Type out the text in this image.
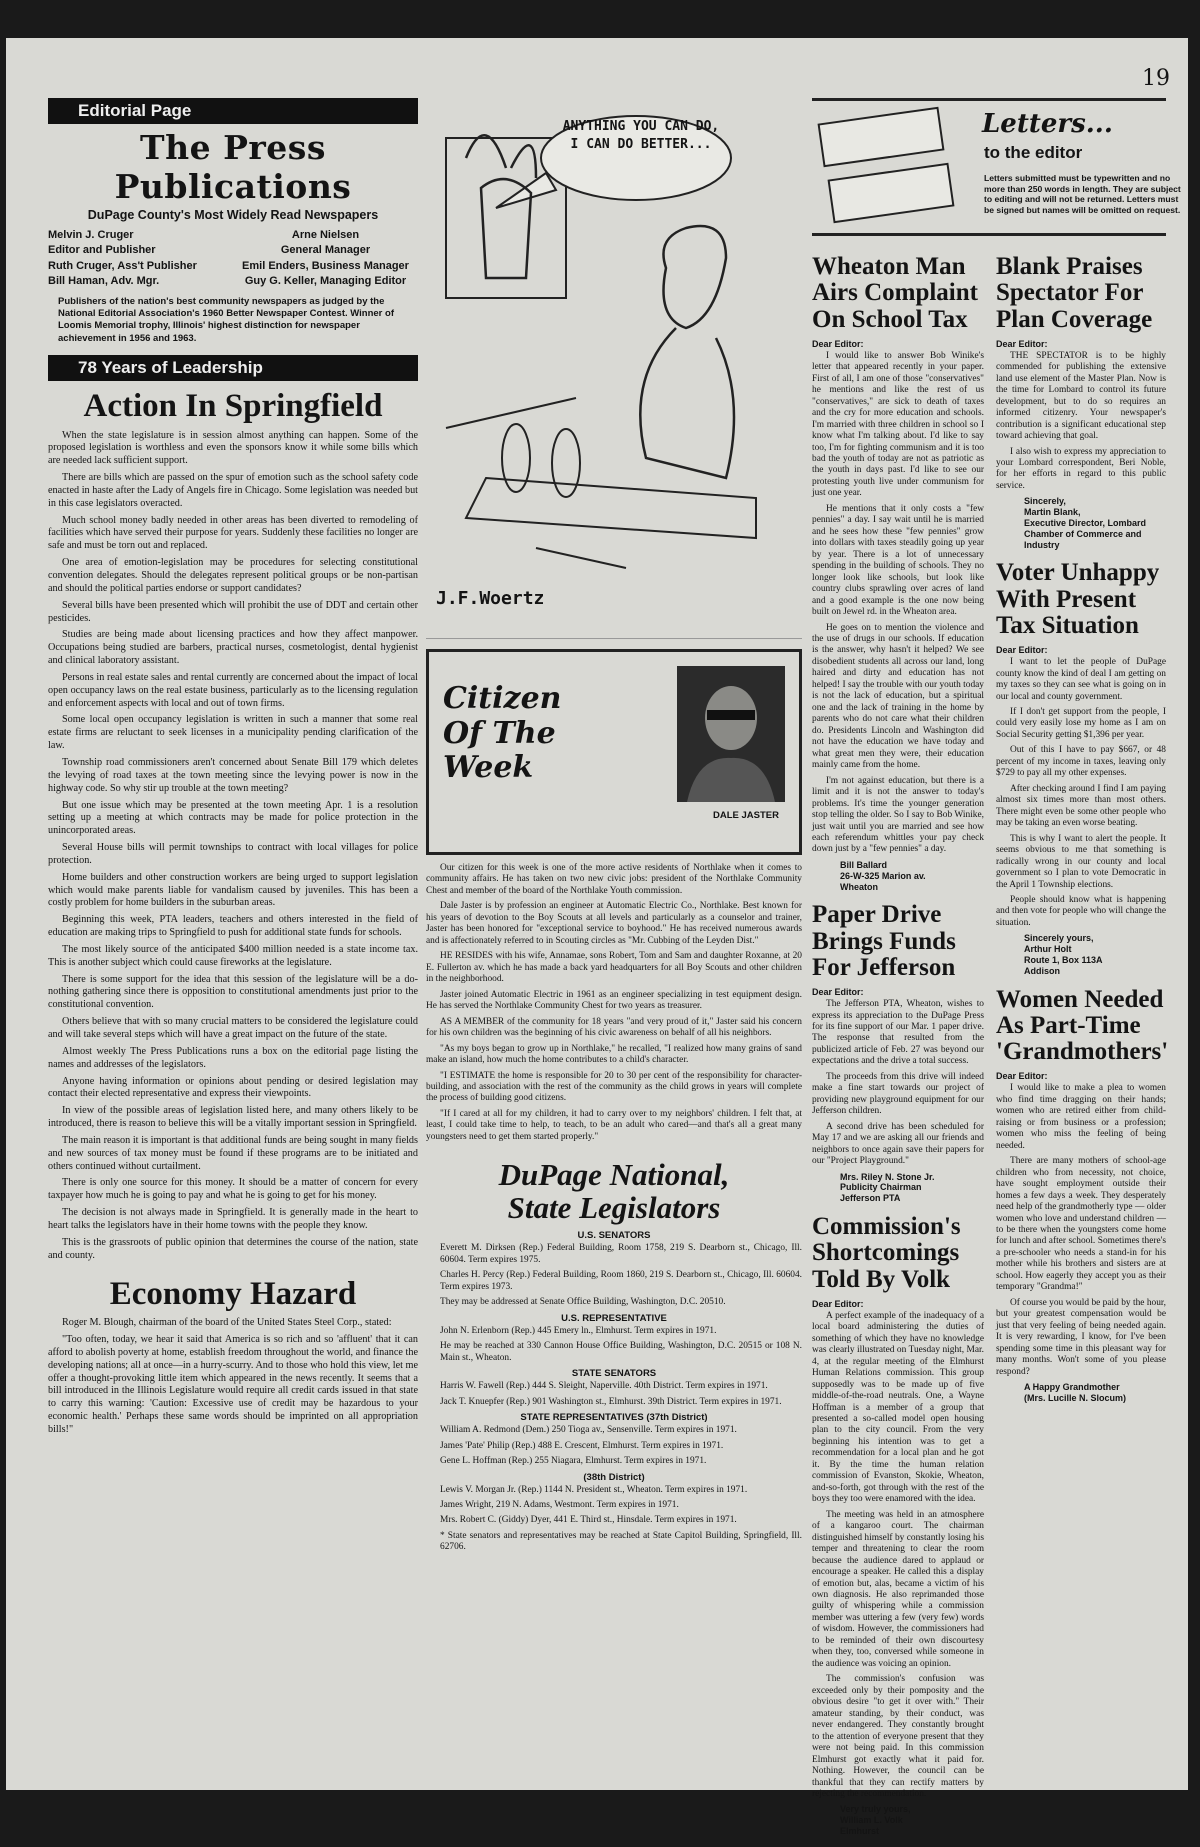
19
Editorial Page
The Press Publications
DuPage County's Most Widely Read Newspapers
Melvin J. Cruger
Editor and Publisher
Ruth Cruger, Ass't Publisher
Bill Haman, Adv. Mgr.
Arne Nielsen
General Manager
Emil Enders, Business Manager
Guy G. Keller, Managing Editor
Publishers of the nation's best community newspapers as judged by the National Editorial Association's 1960 Better Newspaper Contest. Winner of Loomis Memorial trophy, Illinois' highest distinction for newspaper achievement in 1956 and 1963.
78 Years of Leadership
Action In Springfield

When the state legislature is in session almost anything can happen. Some of the proposed legislation is worthless and even the sponsors know it while some bills which are needed lack sufficient support.

There are bills which are passed on the spur of emotion such as the school safety code enacted in haste after the Lady of Angels fire in Chicago. Some legislation was needed but in this case legislators overacted.

Much school money badly needed in other areas has been diverted to remodeling of facilities which have served their purpose for years. Suddenly these facilities no longer are safe and must be torn out and replaced.

One area of emotion-legislation may be procedures for selecting constitutional convention delegates. Should the delegates represent political groups or be non-partisan and should the political parties endorse or support candidates?

Several bills have been presented which will prohibit the use of DDT and certain other pesticides.

Studies are being made about licensing practices and how they affect manpower. Occupations being studied are barbers, practical nurses, cosmetologist, dental hygienist and clinical laboratory assistant.

Persons in real estate sales and rental currently are concerned about the impact of local open occupancy laws on the real estate business, particularly as to the licensing regulation and enforcement aspects with local and out of town firms.

Some local open occupancy legislation is written in such a manner that some real estate firms are reluctant to seek licenses in a municipality pending clarification of the law.

Township road commissioners aren't concerned about Senate Bill 179 which deletes the levying of road taxes at the town meeting since the levying power is now in the highway code. So why stir up trouble at the town meeting?

But one issue which may be presented at the town meeting Apr. 1 is a resolution setting up a meeting at which contracts may be made for police protection in the unincorporated areas.

Several House bills will permit townships to contract with local villages for police protection.

Home builders and other construction workers are being urged to support legislation which would make parents liable for vandalism caused by juveniles. This has been a costly problem for home builders in the suburban areas.

Beginning this week, PTA leaders, teachers and others interested in the field of education are making trips to Springfield to push for additional state funds for schools.

The most likely source of the anticipated $400 million needed is a state income tax. This is another subject which could cause fireworks at the legislature.

There is some support for the idea that this session of the legislature will be a do-nothing gathering since there is opposition to constitutional amendments just prior to the constitutional convention.

Others believe that with so many crucial matters to be considered the legislature could and will take several steps which will have a great impact on the future of the state.

Almost weekly The Press Publications runs a box on the editorial page listing the names and addresses of the legislators.

Anyone having information or opinions about pending or desired legislation may contact their elected representative and express their viewpoints.

In view of the possible areas of legislation listed here, and many others likely to be introduced, there is reason to believe this will be a vitally important session in Springfield.

The main reason it is important is that additional funds are being sought in many fields and new sources of tax money must be found if these programs are to be initiated and others continued without curtailment.

There is only one source for this money. It should be a matter of concern for every taxpayer how much he is going to pay and what he is going to get for his money.

The decision is not always made in Springfield. It is generally made in the heart to heart talks the legislators have in their home towns with the people they know.

This is the grassroots of public opinion that determines the course of the nation, state and county.

Economy Hazard

Roger M. Blough, chairman of the board of the United States Steel Corp., stated:

"Too often, today, we hear it said that America is so rich and so 'affluent' that it can afford to abolish poverty at home, establish freedom throughout the world, and finance the developing nations; all at once—in a hurry-scurry. And to those who hold this view, let me offer a thought-provoking little item which appeared in the news recently. It seems that a bill introduced in the Illinois Legislature would require all credit cards issued in that state to carry this warning: 'Caution: Excessive use of credit may be hazardous to your economic health.' Perhaps these same words should be imprinted on all appropriation bills!"

ANYTHING YOU CAN DO, I CAN DO BETTER...
J.F.Woertz
Citizen
Of The
Week
DALE JASTER

Our citizen for this week is one of the more active residents of Northlake when it comes to community affairs. He has taken on two new civic jobs: president of the Northlake Community Chest and member of the board of the Northlake Youth commission.

Dale Jaster is by profession an engineer at Automatic Electric Co., Northlake. Best known for his years of devotion to the Boy Scouts at all levels and particularly as a counselor and trainer, Jaster has been honored for "exceptional service to boyhood." He has received numerous awards and is affectionately referred to in Scouting circles as "Mr. Cubbing of the Leyden Dist."

HE RESIDES with his wife, Annamae, sons Robert, Tom and Sam and daughter Roxanne, at 20 E. Fullerton av. which he has made a back yard headquarters for all Boy Scouts and other children in the neighborhood.

Jaster joined Automatic Electric in 1961 as an engineer specializing in test equipment design. He has served the Northlake Community Chest for two years as treasurer.

AS A MEMBER of the community for 18 years "and very proud of it," Jaster said his concern for his own children was the beginning of his civic awareness on behalf of all his neighbors.

"As my boys began to grow up in Northlake," he recalled, "I realized how many grains of sand make an island, how much the home contributes to a child's character.

"I ESTIMATE the home is responsible for 20 to 30 per cent of the responsibility for character-building, and association with the rest of the community as the child grows in years will complete the process of building good citizens.

"If I cared at all for my children, it had to carry over to my neighbors' children. I felt that, at least, I could take time to help, to teach, to be an adult who cared—and that's all a great many youngsters need to get them started properly."

DuPage National,
State Legislators
U.S. SENATORS

Everett M. Dirksen (Rep.) Federal Building, Room 1758, 219 S. Dearborn st., Chicago, Ill. 60604. Term expires 1975.

Charles H. Percy (Rep.) Federal Building, Room 1860, 219 S. Dearborn st., Chicago, Ill. 60604. Term expires 1973.

They may be addressed at Senate Office Building, Washington, D.C. 20510.

U.S. REPRESENTATIVE

John N. Erlenborn (Rep.) 445 Emery ln., Elmhurst. Term expires in 1971.

He may be reached at 330 Cannon House Office Building, Washington, D.C. 20515 or 108 N. Main st., Wheaton.

STATE SENATORS

Harris W. Fawell (Rep.) 444 S. Sleight, Naperville. 40th District. Term expires in 1971.

Jack T. Knuepfer (Rep.) 901 Washington st., Elmhurst. 39th District. Term expires in 1971.

STATE REPRESENTATIVES (37th District)

William A. Redmond (Dem.) 250 Tioga av., Sensenville. Term expires in 1971.

James 'Pate' Philip (Rep.) 488 E. Crescent, Elmhurst. Term expires in 1971.

Gene L. Hoffman (Rep.) 255 Niagara, Elmhurst. Term expires in 1971.

(38th District)

Lewis V. Morgan Jr. (Rep.) 1144 N. President st., Wheaton. Term expires in 1971.

James Wright, 219 N. Adams, Westmont. Term expires in 1971.

Mrs. Robert C. (Giddy) Dyer, 441 E. Third st., Hinsdale. Term expires in 1971.

* State senators and representatives may be reached at State Capitol Building, Springfield, Ill. 62706.

Letters...
to the editor
Letters submitted must be typewritten and no more than 250 words in length. They are subject to editing and will not be returned. Letters must be signed but names will be omitted on request.
Wheaton Man Airs Complaint On School Tax
Dear Editor:

I would like to answer Bob Winike's letter that appeared recently in your paper. First of all, I am one of those "conservatives" he mentions and like the rest of us "conservatives," are sick to death of taxes and the cry for more education and schools. I'm married with three children in school so I know what I'm talking about. I'd like to say too, I'm for fighting communism and it is too bad the youth of today are not as patriotic as the youth in days past. I'd like to see our protesting youth live under communism for just one year.

He mentions that it only costs a "few pennies" a day. I say wait until he is married and he sees how these "few pennies" grow into dollars with taxes steadily going up year by year. There is a lot of unnecessary spending in the building of schools. They no longer look like schools, but look like country clubs sprawling over acres of land and a good example is the one now being built on Jewel rd. in the Wheaton area.

He goes on to mention the violence and the use of drugs in our schools. If education is the answer, why hasn't it helped? We see disobedient students all across our land, long haired and dirty and education has not helped! I say the trouble with our youth today is not the lack of education, but a spiritual one and the lack of training in the home by parents who do not care what their children do. Presidents Lincoln and Washington did not have the education we have today and what great men they were, their education mainly came from the home.

I'm not against education, but there is a limit and it is not the answer to today's problems. It's time the younger generation stop telling the older. So I say to Bob Winike, just wait until you are married and see how each referendum whittles your pay check down just by a "few pennies" a day.

Bill Ballard
26-W-325 Marion av.
Wheaton
Paper Drive Brings Funds For Jefferson
Dear Editor:

The Jefferson PTA, Wheaton, wishes to express its appreciation to the DuPage Press for its fine support of our Mar. 1 paper drive. The response that resulted from the publicized article of Feb. 27 was beyond our expectations and the drive a total success.

The proceeds from this drive will indeed make a fine start towards our project of providing new playground equipment for our Jefferson children.

A second drive has been scheduled for May 17 and we are asking all our friends and neighbors to once again save their papers for our "Project Playground."

Mrs. Riley N. Stone Jr.
Publicity Chairman
Jefferson PTA
Commission's Shortcomings Told By Volk
Dear Editor:

A perfect example of the inadequacy of a local board administering the duties of something of which they have no knowledge was clearly illustrated on Tuesday night, Mar. 4, at the regular meeting of the Elmhurst Human Relations commission. This group supposedly was to be made up of five middle-of-the-road neutrals. One, a Wayne Hoffman is a member of a group that presented a so-called model open housing plan to the city council. From the very beginning his intention was to get a recommendation for a local plan and he got it. By the time the human relation commission of Evanston, Skokie, Wheaton, and-so-forth, got through with the rest of the boys they too were enamored with the idea.

The meeting was held in an atmosphere of a kangaroo court. The chairman distinguished himself by constantly losing his temper and threatening to clear the room because the audience dared to applaud or encourage a speaker. He called this a display of emotion but, alas, became a victim of his own diagnosis. He also reprimanded those guilty of whispering while a commission member was uttering a few (very few) words of wisdom. However, the commissioners had to be reminded of their own discourtesy when they, too, conversed while someone in the audience was voicing an opinion.

The commission's confusion was exceeded only by their pomposity and the obvious desire "to get it over with." Their amateur standing, by their conduct, was never endangered. They constantly brought to the attention of everyone present that they were not being paid. In this commission Elmhurst got exactly what it paid for. Nothing. However, the council can be thankful that they can rectify matters by rejecting the recommendation.

Very truly yours,
William L. Volk
Elmhurst
Blank Praises Spectator For Plan Coverage
Dear Editor:

THE SPECTATOR is to be highly commended for publishing the extensive land use element of the Master Plan. Now is the time for Lombard to control its future development, but to do so requires an informed citizenry. Your newspaper's contribution is a significant educational step toward achieving that goal.

I also wish to express my appreciation to your Lombard correspondent, Beri Noble, for her efforts in regard to this public service.

Sincerely,
Martin Blank,
Executive Director, Lombard Chamber of Commerce and Industry
Voter Unhappy With Present Tax Situation
Dear Editor:

I want to let the people of DuPage county know the kind of deal I am getting on my taxes so they can see what is going on in our local and county government.

If I don't get support from the people, I could very easily lose my home as I am on Social Security getting $1,396 per year.

Out of this I have to pay $667, or 48 percent of my income in taxes, leaving only $729 to pay all my other expenses.

After checking around I find I am paying almost six times more than most others. There might even be some other people who may be taking an even worse beating.

This is why I want to alert the people. It seems obvious to me that something is radically wrong in our county and local government so I plan to vote Democratic in the April 1 Township elections.

People should know what is happening and then vote for people who will change the situation.

Sincerely yours,
Arthur Holt
Route 1, Box 113A
Addison
Women Needed As Part-Time 'Grandmothers'
Dear Editor:

I would like to make a plea to women who find time dragging on their hands; women who are retired either from child-raising or from business or a profession; women who miss the feeling of being needed.

There are many mothers of school-age children who from necessity, not choice, have sought employment outside their homes a few days a week. They desperately need help of the grandmotherly type — older women who love and understand children — to be there when the youngsters come home for lunch and after school. Sometimes there's a pre-schooler who needs a stand-in for his mother while his brothers and sisters are at school. How eagerly they accept you as their temporary "Grandma!"

Of course you would be paid by the hour, but your greatest compensation would be just that very feeling of being needed again. It is very rewarding, I know, for I've been spending some time in this pleasant way for many months. Won't some of you please respond?

A Happy Grandmother
(Mrs. Lucille N. Slocum)
